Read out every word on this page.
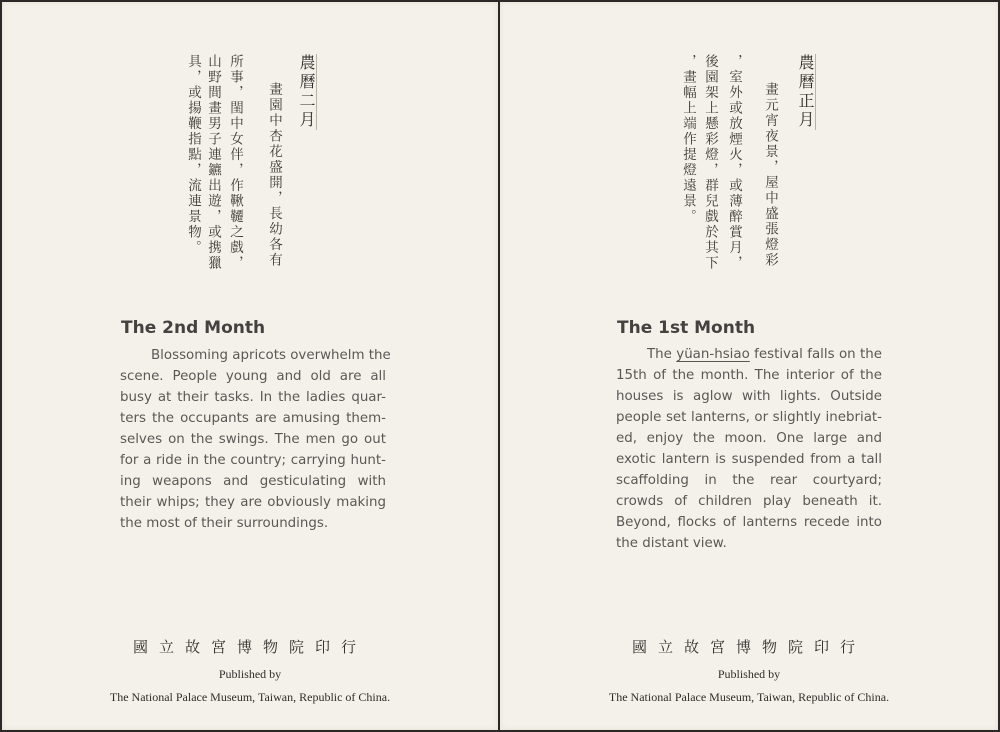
農曆二月
畫園中杏花盛開，長幼各有
所事，閨中女伴，作鞦韆之戲，
山野間畫男子連鑣出遊，或携獵
具，或揚鞭指點，流連景物。
The 2nd Month
Blossoming apricots overwhelm the
scene. People young and old are all
busy at their tasks. In the ladies quar-
ters the occupants are amusing them-
selves on the swings. The men go out
for a ride in the country; carrying hunt-
ing weapons and gesticulating with
their whips; they are obviously making
the most of their surroundings.
國立故宮博物院印行
Published by
The National Palace Museum, Taiwan, Republic of China.
農曆正月
畫元宵夜景，屋中盛張燈彩
，室外或放煙火，或薄醉賞月，
後園架上懸彩燈，群兒戲於其下
，畫幅上端作提燈遠景。
The 1st Month
The yüan-hsiao festival falls on the
15th of the month. The interior of the
houses is aglow with lights. Outside
people set lanterns, or slightly inebriat-
ed, enjoy the moon. One large and
exotic lantern is suspended from a tall
scaffolding in the rear courtyard;
crowds of children play beneath it.
Beyond, flocks of lanterns recede into
the distant view.
國立故宮博物院印行
Published by
The National Palace Museum, Taiwan, Republic of China.
